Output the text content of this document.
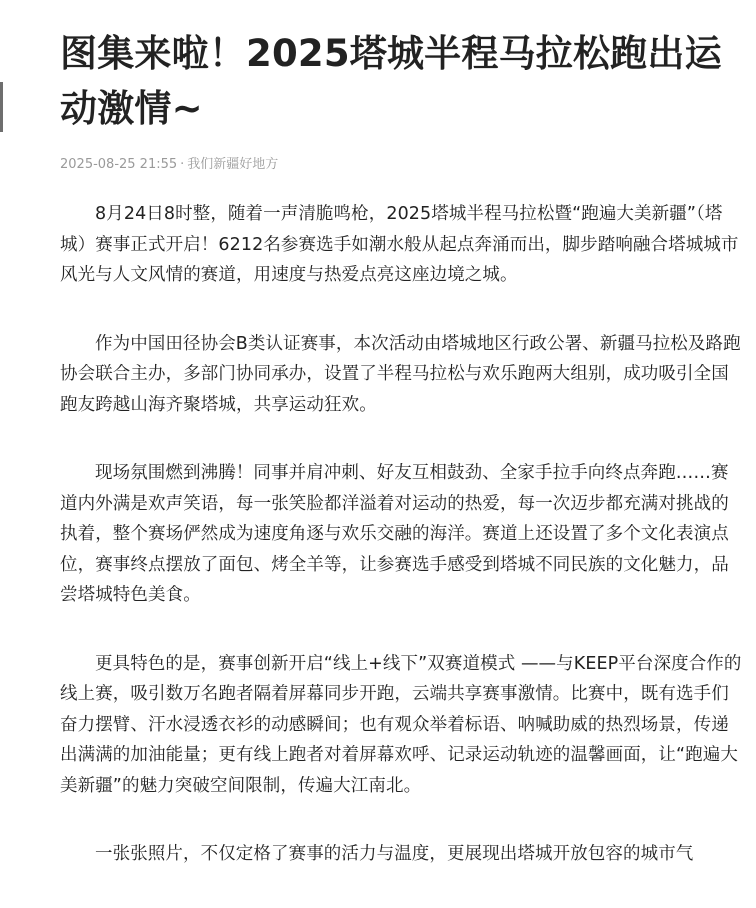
图集来啦！2025塔城半程马拉松跑出运动激情~
2025-08-25 21:55 · 我们新疆好地方

8月24日8时整，随着一声清脆鸣枪，2025塔城半程马拉松暨“跑遍大美新疆”（塔城）赛事正式开启！6212名参赛选手如潮水般从起点奔涌而出，脚步踏响融合塔城城市风光与人文风情的赛道，用速度与热爱点亮这座边境之城。

作为中国田径协会B类认证赛事，本次活动由塔城地区行政公署、新疆马拉松及路跑协会联合主办，多部门协同承办，设置了半程马拉松与欢乐跑两大组别，成功吸引全国跑友跨越山海齐聚塔城，共享运动狂欢。

现场氛围燃到沸腾！同事并肩冲刺、好友互相鼓劲、全家手拉手向终点奔跑……赛道内外满是欢声笑语，每一张笑脸都洋溢着对运动的热爱，每一次迈步都充满对挑战的执着，整个赛场俨然成为速度角逐与欢乐交融的海洋。赛道上还设置了多个文化表演点位，赛事终点摆放了面包、烤全羊等，让参赛选手感受到塔城不同民族的文化魅力，品尝塔城特色美食。

更具特色的是，赛事创新开启“线上+线下”双赛道模式 ——与KEEP平台深度合作的线上赛，吸引数万名跑者隔着屏幕同步开跑，云端共享赛事激情。比赛中，既有选手们奋力摆臂、汗水浸透衣衫的动感瞬间；也有观众举着标语、呐喊助威的热烈场景，传递出满满的加油能量；更有线上跑者对着屏幕欢呼、记录运动轨迹的温馨画面，让“跑遍大美新疆”的魅力突破空间限制，传遍大江南北。

一张张照片，不仅定格了赛事的活力与温度，更展现出塔城开放包容的城市气
